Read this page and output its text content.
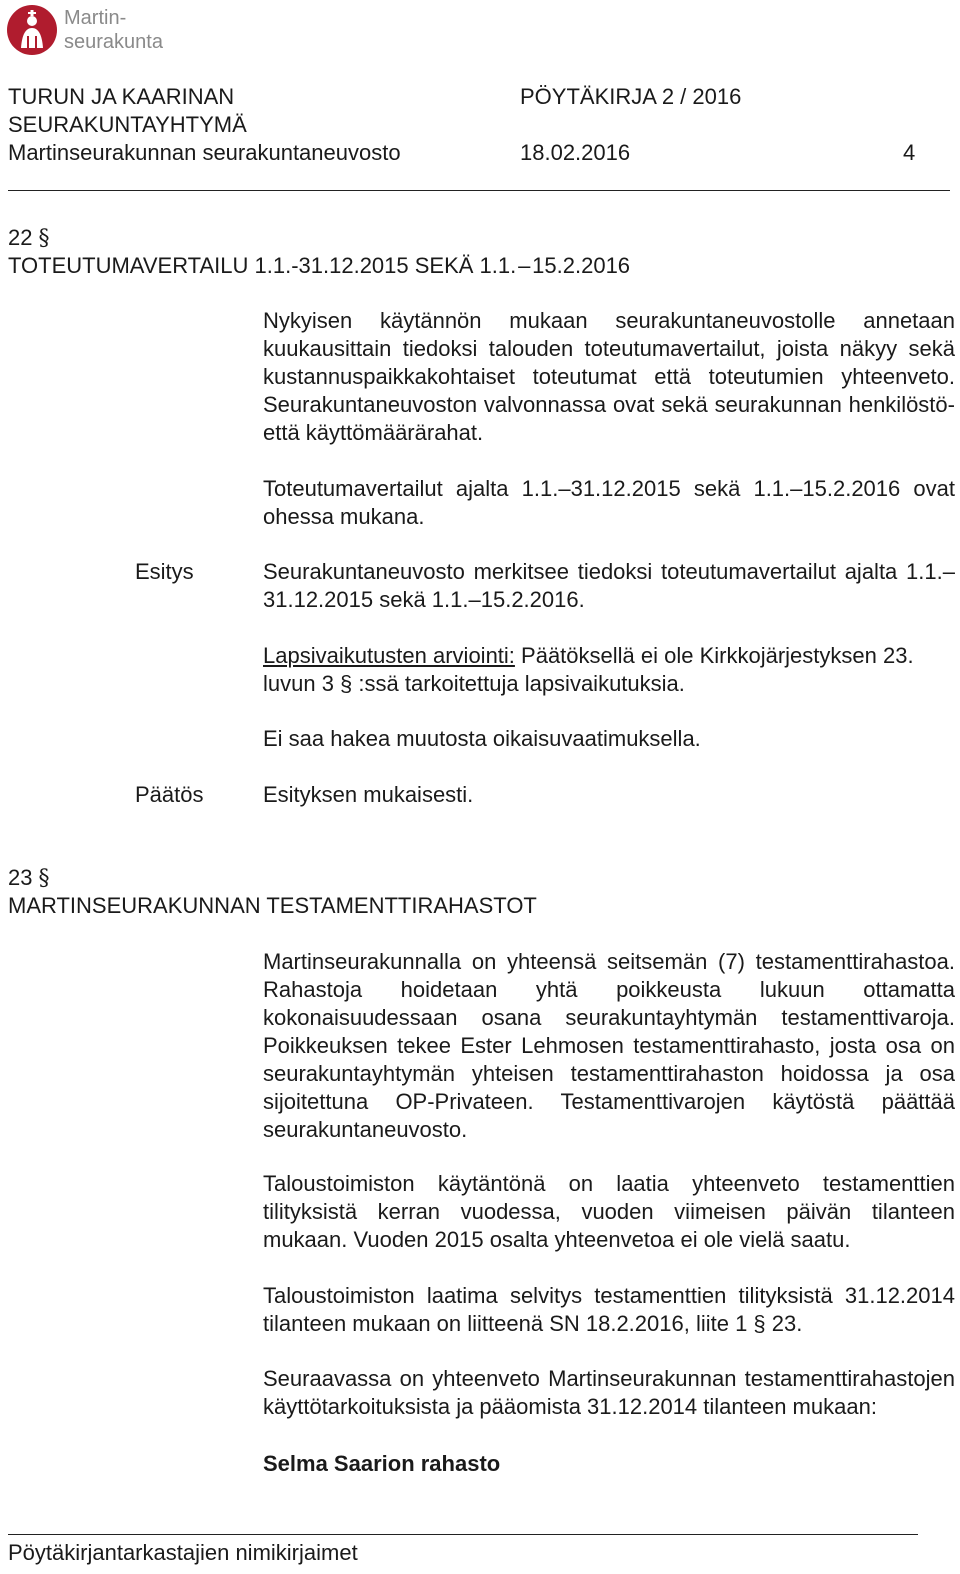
Martin-
seurakunta
TURUN JA KAARINAN
SEURAKUNTAYHTYMÄ
Martinseurakunnan seurakuntaneuvosto
PÖYTÄKIRJA 2 / 2016
18.02.2016	4
22 §
TOTEUTUMAVERTAILU 1.1.-31.12.2015 SEKÄ 1.1. – 15.2.2016
Nykyisen käytännön mukaan seurakuntaneuvostolle annetaan kuukausittain tiedoksi talouden toteutumavertailut, joista näkyy sekä kustannuspaikkakohtaiset toteutumat että toteutumien yhteenveto. Seurakuntaneuvoston valvonnassa ovat sekä seurakunnan henkilöstö- että käyttömäärärahat.
Toteutumavertailut ajalta 1.1.–31.12.2015 sekä 1.1.–15.2.2016 ovat ohessa mukana.
Esitys	Seurakuntaneuvosto merkitsee tiedoksi toteutumavertailut ajalta 1.1.–31.12.2015 sekä 1.1.–15.2.2016.
Lapsivaikutusten arviointi: Päätöksellä ei ole Kirkkojärjestyksen 23. luvun 3 § :ssä tarkoitettuja lapsivaikutuksia.
Ei saa hakea muutosta oikaisuvaatimuksella.
Päätös	Esityksen mukaisesti.
23 §
MARTINSEURAKUNNAN TESTAMENTTIRAHASTOT
Martinseurakunnalla on yhteensä seitsemän (7) testamenttirahastoa. Rahastoja hoidetaan yhtä poikkeusta lukuun ottamatta kokonaisuudessaan osana seurakuntayhtymän testamenttivaroja. Poikkeuksen tekee Ester Lehmosen testamenttirahasto, josta osa on seurakuntayhtymän yhteisen testamenttirahaston hoidossa ja osa sijoitettuna OP-Privateen. Testamenttivarojen käytöstä päättää seurakuntaneuvosto.
Taloustoimiston käytäntönä on laatia yhteenveto testamenttien tilityksistä kerran vuodessa, vuoden viimeisen päivän tilanteen mukaan. Vuoden 2015 osalta yhteenvetoa ei ole vielä saatu.
Taloustoimiston laatima selvitys testamenttien tilityksistä 31.12.2014 tilanteen mukaan on liitteenä SN 18.2.2016, liite 1 § 23.
Seuraavassa on yhteenveto Martinseurakunnan testamenttirahastojen käyttötarkoituksista ja pääomista 31.12.2014 tilanteen mukaan:
Selma Saarion rahasto
Pöytäkirjantarkastajien nimikirjaimet
